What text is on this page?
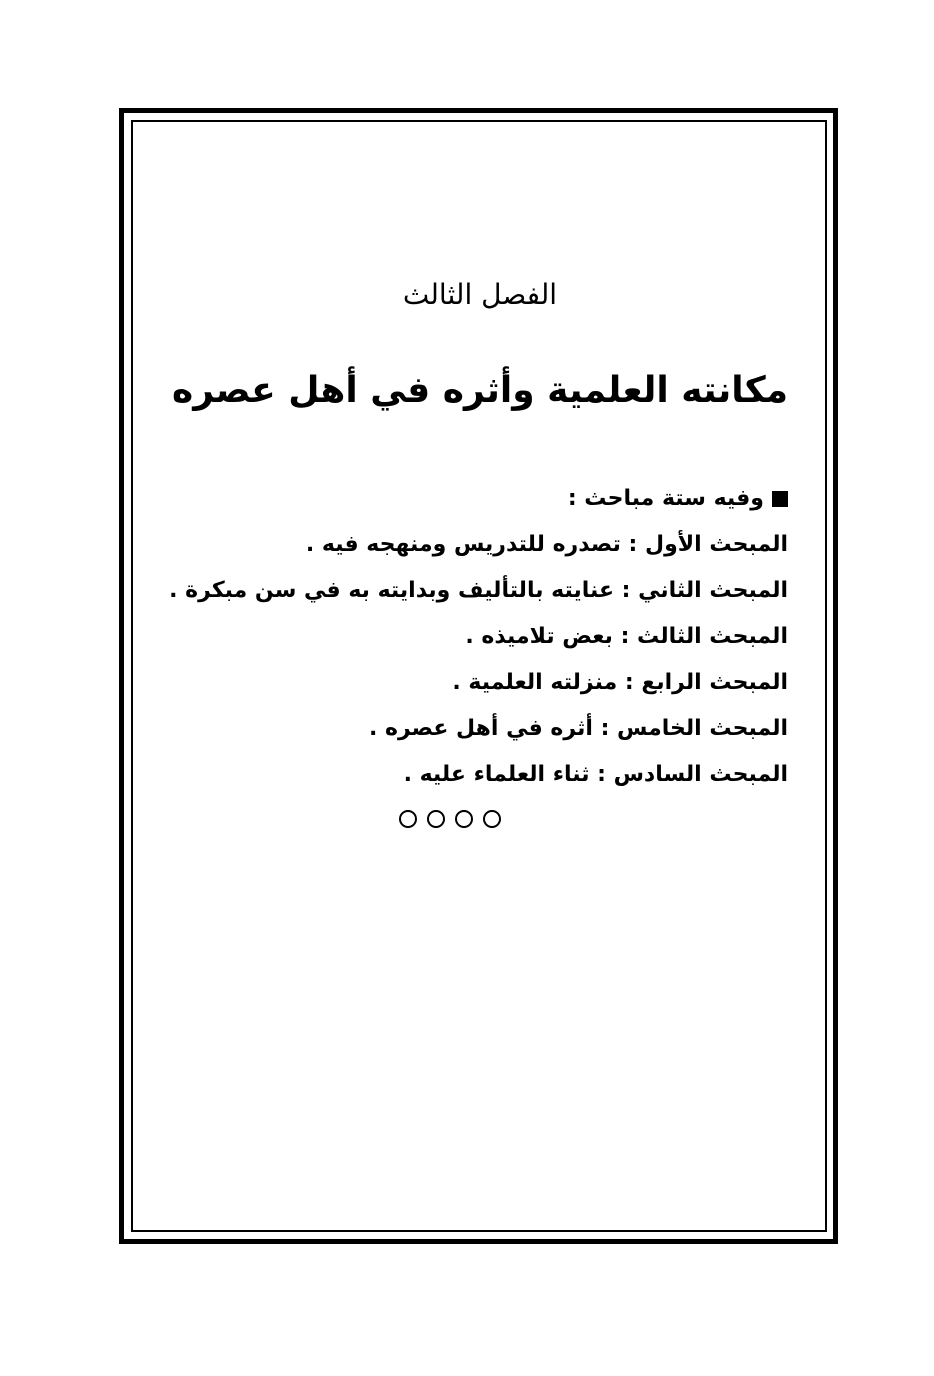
الفصل الثالث
مكانته العلمية وأثره في أهل عصره
وفيه ستة مباحث :
المبحث الأول : تصدره للتدريس ومنهجه فيه .
المبحث الثاني : عنايته بالتأليف وبدايته به في سن مبكرة .
المبحث الثالث : بعض تلاميذه .
المبحث الرابع : منزلته العلمية .
المبحث الخامس : أثره في أهل عصره .
المبحث السادس : ثناء العلماء عليه .
